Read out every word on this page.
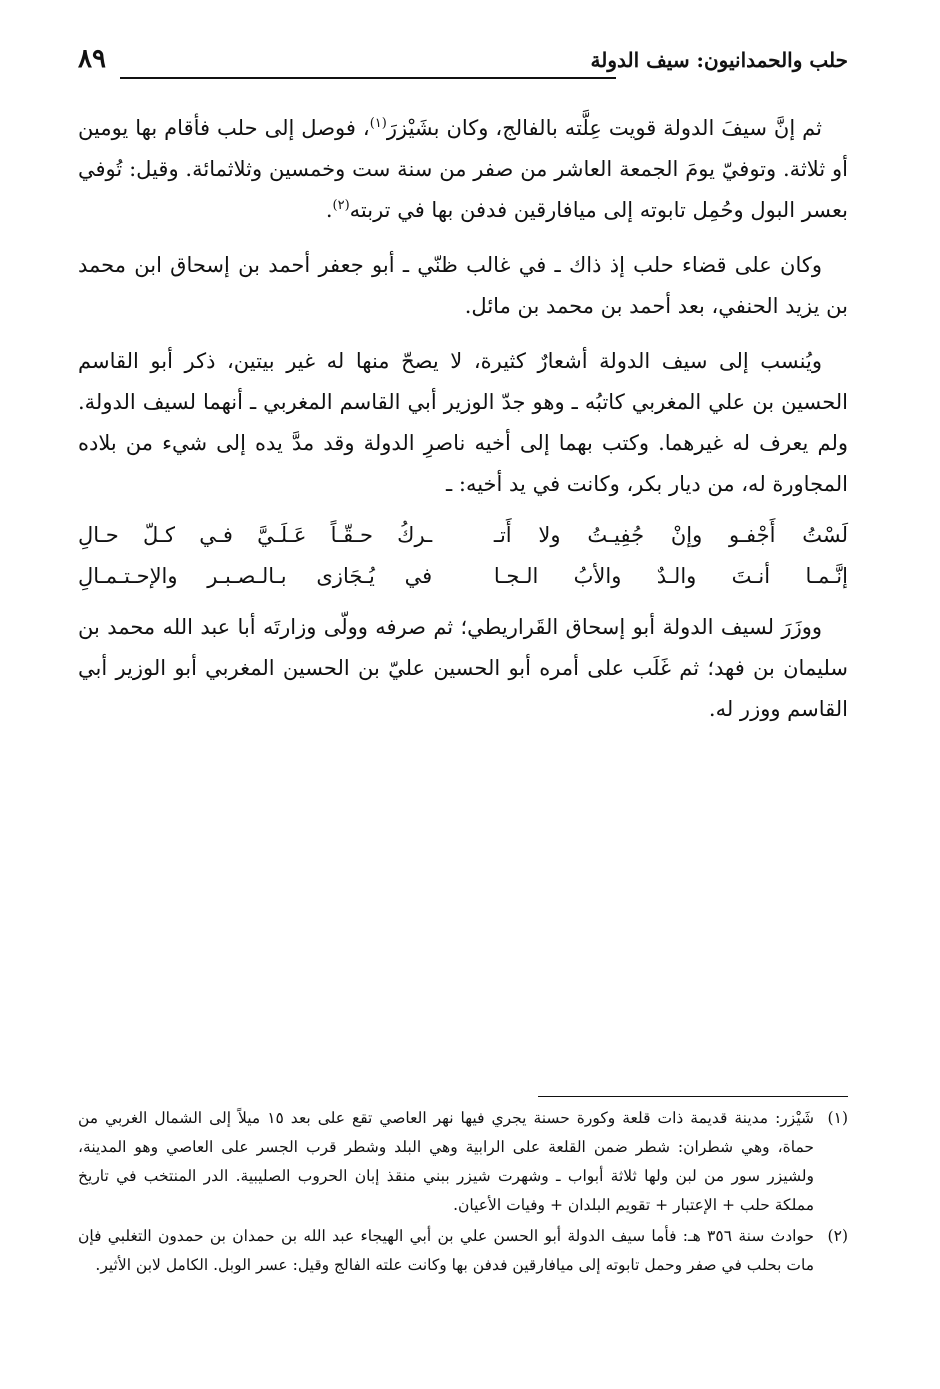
حلب والحمدانيون: سيف الدولة
٨٩

ثم إنَّ سيفَ الدولة قويت عِلَّته بالفالج، وكان بشَيْزرَ$^{(١)}$، فوصل إلى حلب فأقام بها يومين أو ثلاثة. وتوفيّ يومَ الجمعة العاشر من صفر من سنة ست وخمسين وثلاثمائة. وقيل: تُوفي بعسر البول وحُمِل تابوته إلى ميافارقين فدفن بها في تربته$^{(٢)}$.

وكان على قضاء حلب إذ ذاك ـ في غالب ظنّي ـ أبو جعفر أحمد بن إسحاق ابن محمد بن يزيد الحنفي، بعد أحمد بن محمد بن مائل.

ويُنسب إلى سيف الدولة أشعارٌ كثيرة، لا يصحّ منها له غير بيتين، ذكر أبو القاسم الحسين بن علي المغربي كاتبُه ـ وهو جدّ الوزير أبي القاسم المغربي ـ أنهما لسيف الدولة. ولم يعرف له غيرهما. وكتب بهما إلى أخيه ناصرِ الدولة وقد مدَّ يده إلى شيء من بلاده المجاورة له، من ديار بكر، وكانت في يد أخيه: ـ

لَسْتُ أَجْفـو وإنْ جُفِيـتُ ولا أَتـ
ـركُ حـقّـاً عَـلَـيَّ فـي كـلّ حـالِ
إنَّـمـا أنـتَ والـدٌ والأبُ الـجـا
في يُـجَازى بـالـصـبـر والإحـتـمـالِ

ووزَرَ لسيف الدولة أبو إسحاق القَراريطي؛ ثم صرفه وولّى وزارتَه أبا عبد الله محمد بن سليمان بن فهد؛ ثم غَلَب على أمره أبو الحسين عليّ بن الحسين المغربي أبو الوزير أبي القاسم ووزر له.

(١)
شَيْزر: مدينة قديمة ذات قلعة وكورة حسنة يجري فيها نهر العاصي تقع على بعد ١٥ ميلاً إلى الشمال الغربي من حماة، وهي شطران: شطر ضمن القلعة على الرابية وهي البلد وشطر قرب الجسر على العاصي وهو المدينة، ولشيزر سور من لبن ولها ثلاثة أبواب ـ وشهرت شيزر ببني منقذ إبان الحروب الصليبية. الدر المنتخب في تاريخ مملكة حلب + الإعتبار + تقويم البلدان + وفيات الأعيان.
(٢)
حوادث سنة ٣٥٦ هـ: فأما سيف الدولة أبو الحسن علي بن أبي الهيجاء عبد الله بن حمدان بن حمدون التغلبي فإن مات بحلب في صفر وحمل تابوته إلى ميافارقين فدفن بها وكانت علته الفالج وقيل: عسر الوبل. الكامل لابن الأثير.
